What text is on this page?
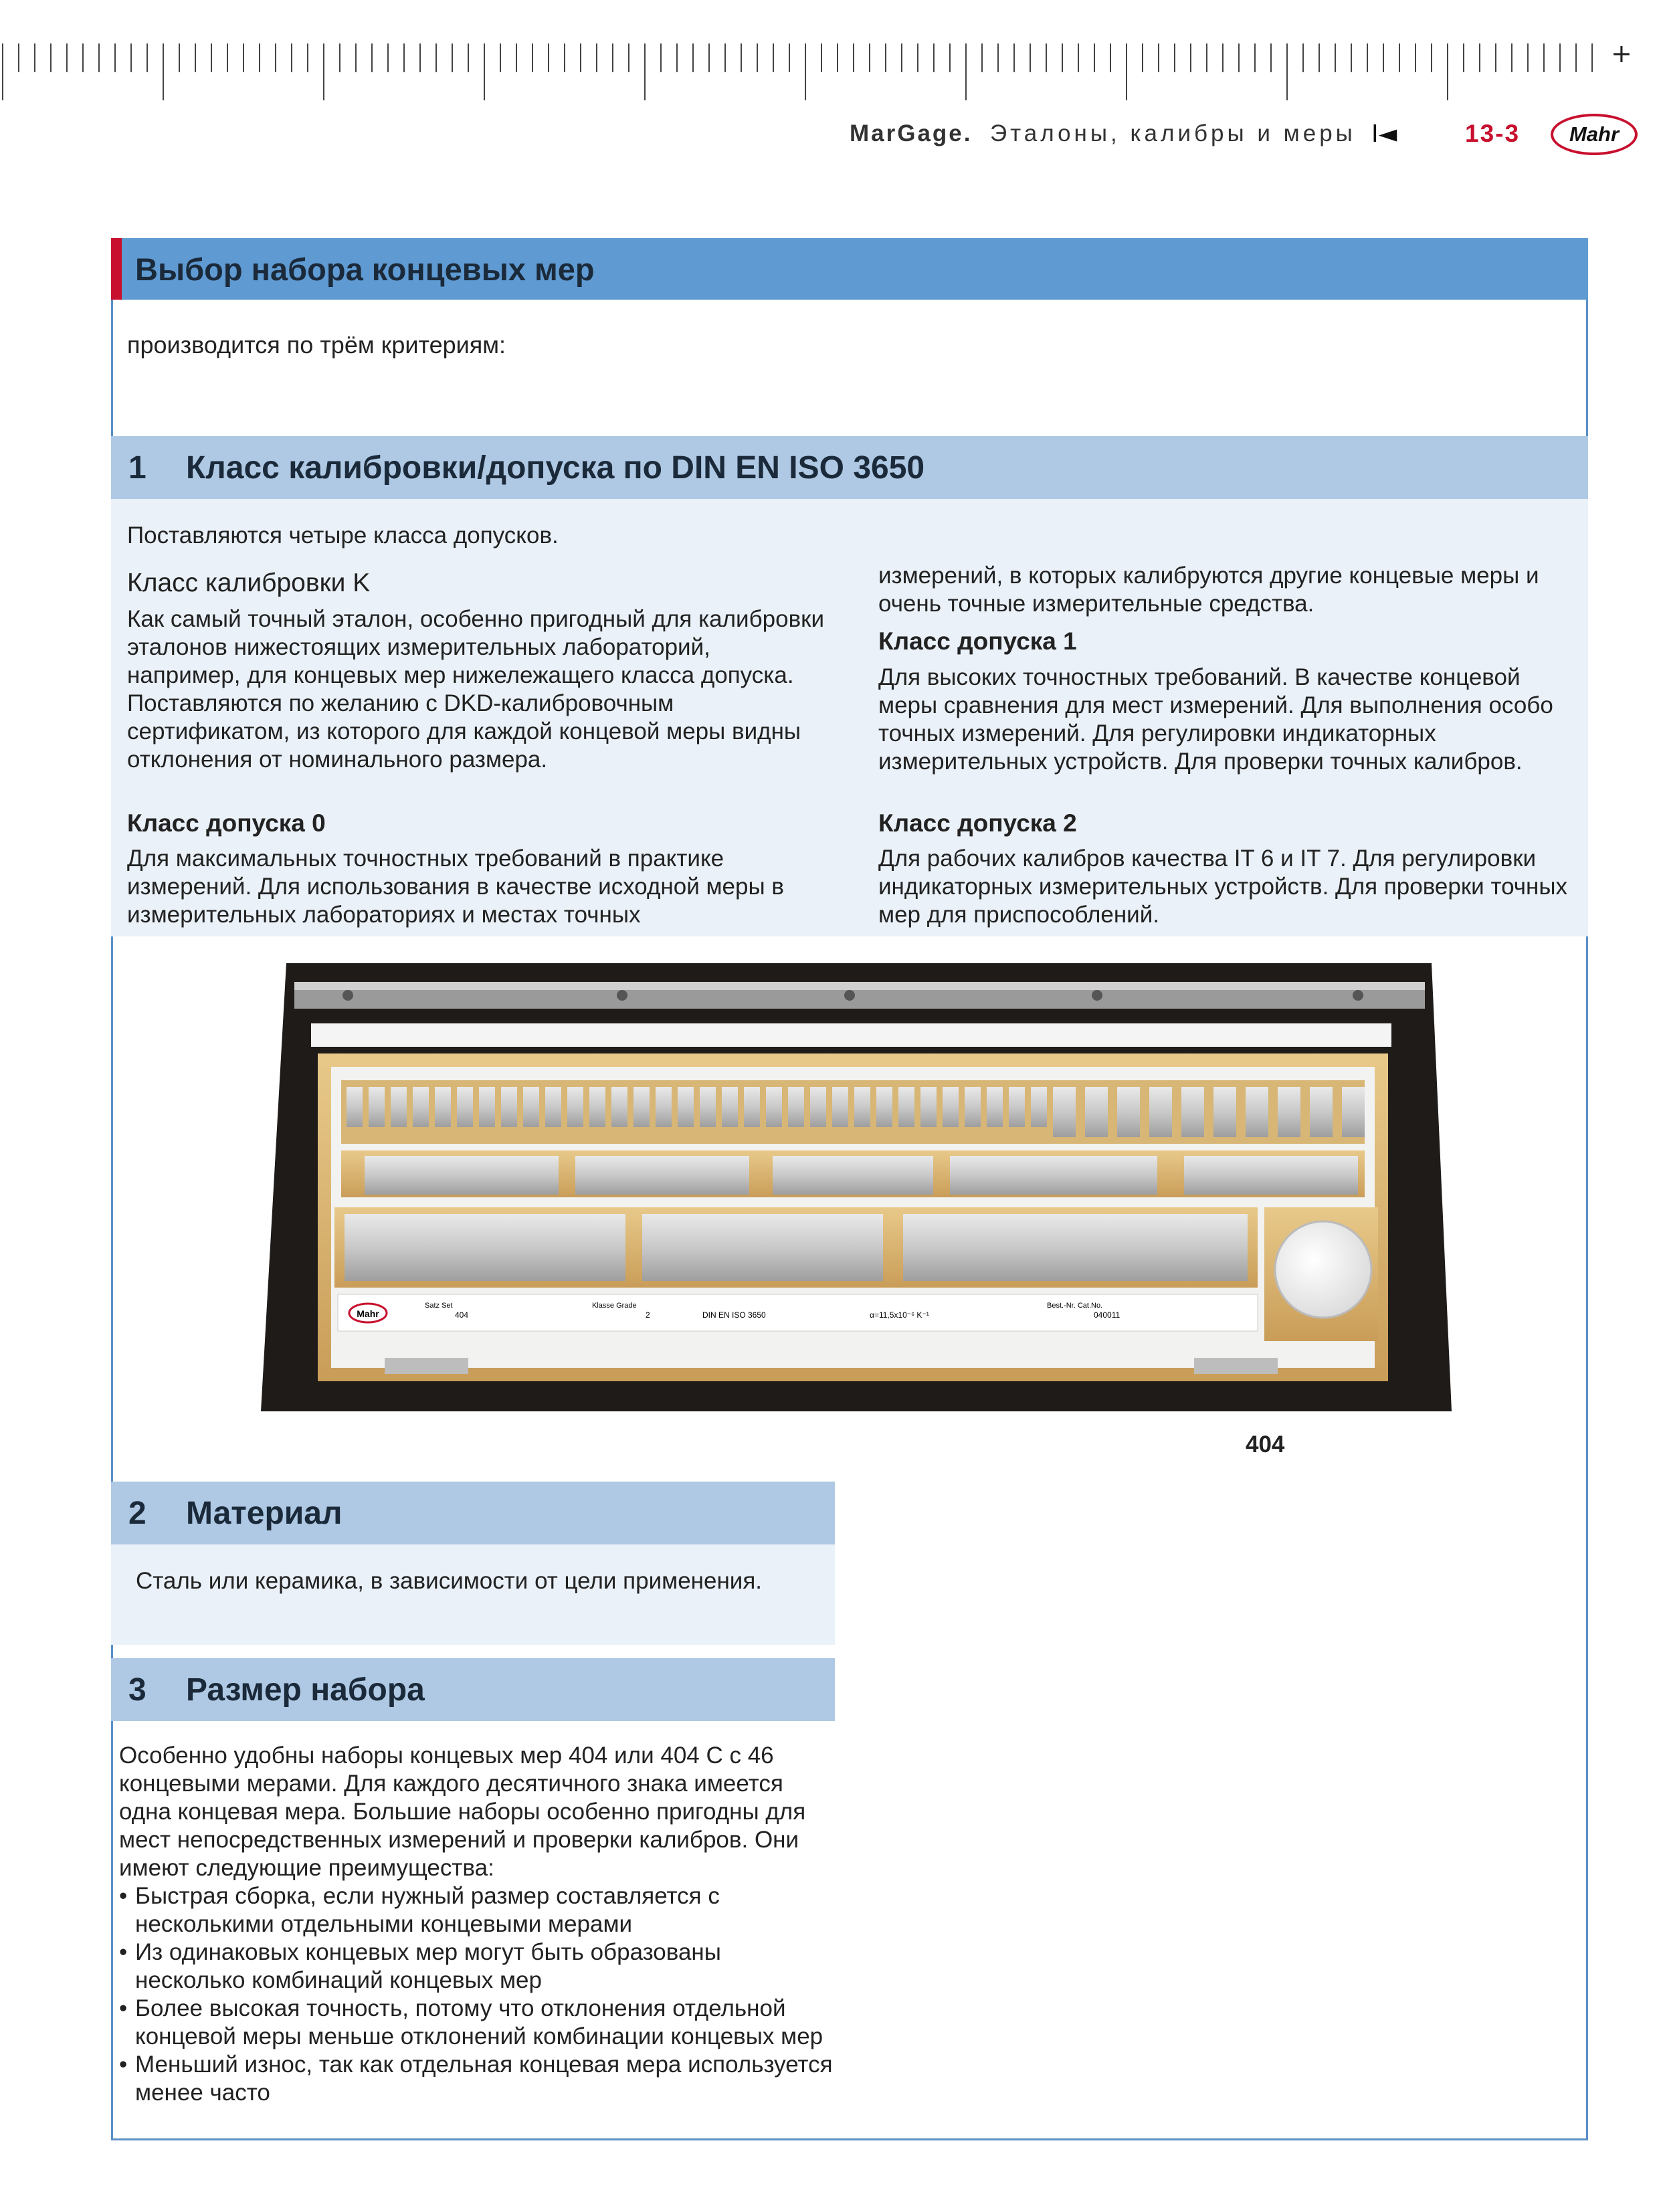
+
MarGage. Эталоны, калибры и меры I◄	13-3 Mahr
Выбор набора концевых мер
производится по трём критериям:
1 Класс калибровки/допуска по DIN EN ISO 3650
Поставляются четыре класса допусков.
Класс калибровки K
Как самый точный эталон, особенно пригодный для калибровки эталонов нижестоящих измерительных лабораторий, например, для концевых мер нижележащего класса допуска. Поставляются по желанию с DKD-калибровочным сертификатом, из которого для каждой концевой меры видны отклонения от номинального размера.
Класс допуска 0
Для максимальных точностных требований в практике измерений. Для использования в качестве исходной меры в измерительных лабораториях и местах точных
измерений, в которых калибруются другие концевые меры и очень точные измерительные средства.
Класс допуска 1
Для высоких точностных требований. В качестве концевой меры сравнения для мест измерений. Для выполнения особо точных измерений. Для регулировки индикаторных измерительных устройств. Для проверки точных калибров.
Класс допуска 2
Для рабочих калибров качества IT 6 и IT 7. Для регулировки индикаторных измерительных устройств. Для проверки точных мер для приспособлений.
Mahr
Satz Set
404
Klasse Grade
2	DIN EN ISO 3650	α=11,5x10⁻⁶ K⁻¹
Best.-Nr. Cat.No.
040011
404
2 Материал
Сталь или керамика, в зависимости от цели применения.
3 Размер набора
Особенно удобны наборы концевых мер 404 или 404 C с 46 концевыми мерами. Для каждого десятичного знака имеется одна концевая мера. Большие наборы особенно пригодны для мест непосредственных измерений и проверки калибров. Они имеют следующие преимущества:
• Быстрая сборка, если нужный размер составляется с несколькими отдельными концевыми мерами
• Из одинаковых концевых мер могут быть образованы несколько комбинаций концевых мер
• Более высокая точность, потому что отклонения отдельной концевой меры меньше отклонений комбинации концевых мер
• Меньший износ, так как отдельная концевая мера используется менее часто
